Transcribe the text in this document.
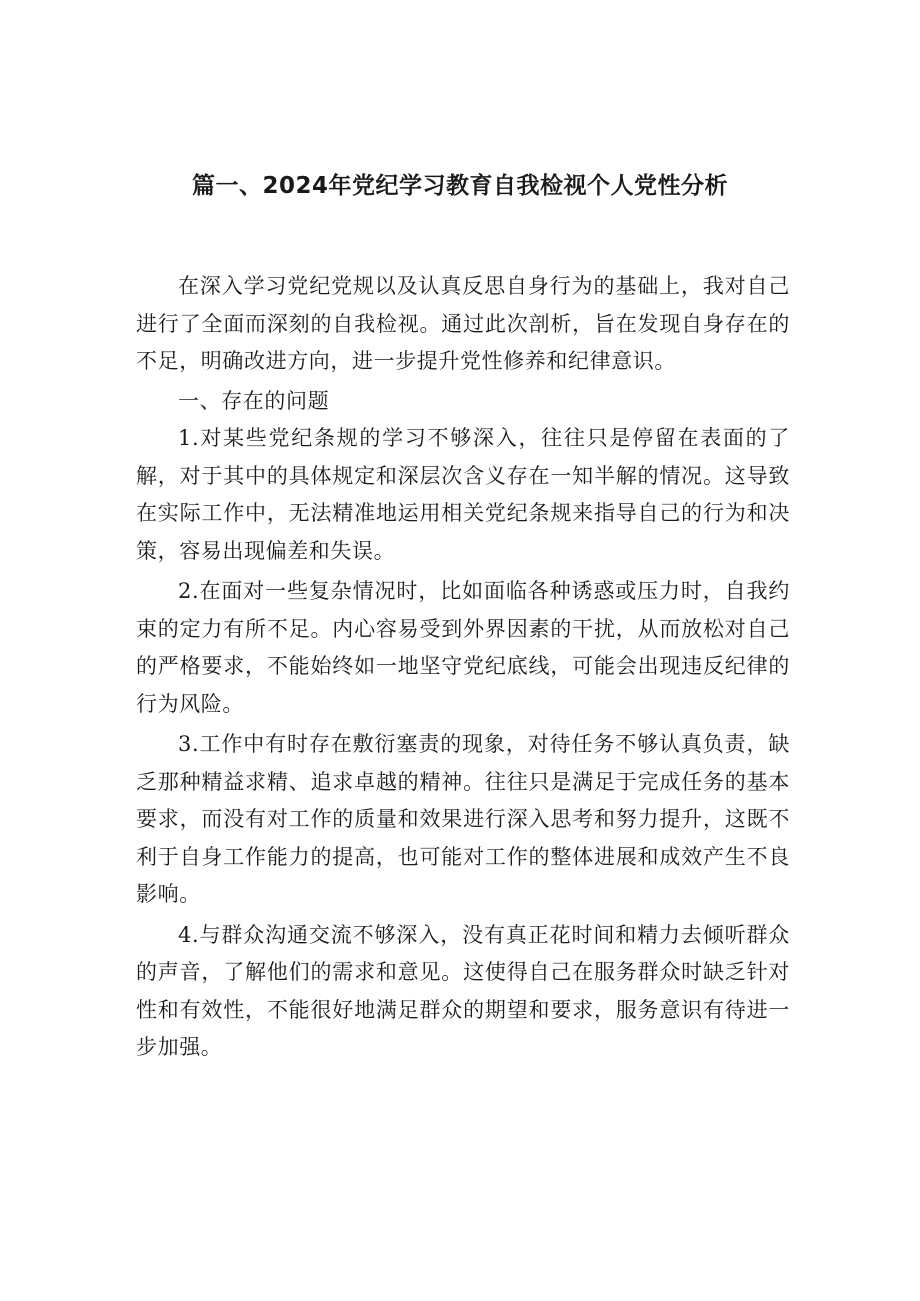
篇一、2024年党纪学习教育自我检视个人党性分析

在深入学习党纪党规以及认真反思自身行为的基础上，我对自己进行了全面而深刻的自我检视。通过此次剖析，旨在发现自身存在的不足，明确改进方向，进一步提升党性修养和纪律意识。

一、存在的问题

1.对某些党纪条规的学习不够深入，往往只是停留在表面的了解，对于其中的具体规定和深层次含义存在一知半解的情况。这导致在实际工作中，无法精准地运用相关党纪条规来指导自己的行为和决策，容易出现偏差和失误。

2.在面对一些复杂情况时，比如面临各种诱惑或压力时，自我约束的定力有所不足。内心容易受到外界因素的干扰，从而放松对自己的严格要求，不能始终如一地坚守党纪底线，可能会出现违反纪律的行为风险。

3.工作中有时存在敷衍塞责的现象，对待任务不够认真负责，缺乏那种精益求精、追求卓越的精神。往往只是满足于完成任务的基本要求，而没有对工作的质量和效果进行深入思考和努力提升，这既不利于自身工作能力的提高，也可能对工作的整体进展和成效产生不良影响。

4.与群众沟通交流不够深入，没有真正花时间和精力去倾听群众的声音，了解他们的需求和意见。这使得自己在服务群众时缺乏针对性和有效性，不能很好地满足群众的期望和要求，服务意识有待进一步加强。
